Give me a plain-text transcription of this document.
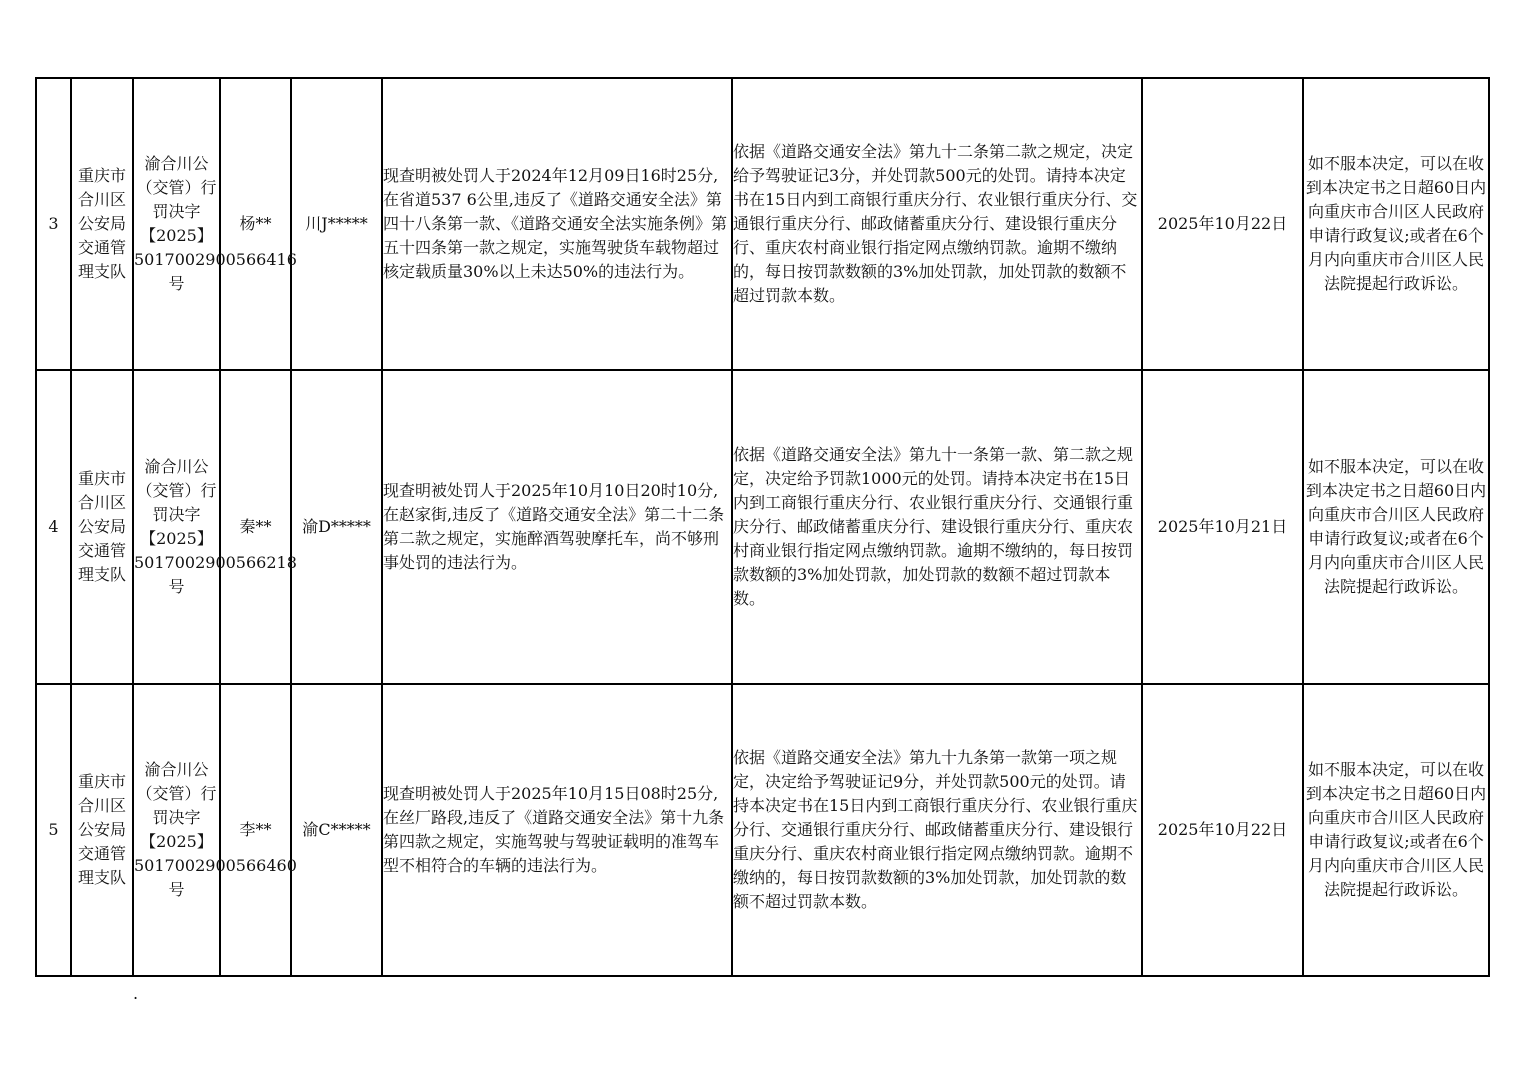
3	重庆市合川区公安局交通管理支队	渝合川公（交管）行罚决字【2025】5017002900566416号	杨**	川J*****	现查明被处罚人于2024年12月09日16时25分,在省道537 6公里,违反了《道路交通安全法》第四十八条第一款、《道路交通安全法实施条例》第五十四条第一款之规定，实施驾驶货车载物超过核定载质量30%以上未达50%的违法行为。	依据《道路交通安全法》第九十二条第二款之规定，决定给予驾驶证记3分，并处罚款500元的处罚。请持本决定书在15日内到工商银行重庆分行、农业银行重庆分行、交通银行重庆分行、邮政储蓄重庆分行、建设银行重庆分行、重庆农村商业银行指定网点缴纳罚款。逾期不缴纳的，每日按罚款数额的3%加处罚款，加处罚款的数额不超过罚款本数。	2025年10月22日	如不服本决定，可以在收到本决定书之日超60日内向重庆市合川区人民政府申请行政复议;或者在6个月内向重庆市合川区人民法院提起行政诉讼。
4	重庆市合川区公安局交通管理支队	渝合川公（交管）行罚决字【2025】5017002900566218号	秦**	渝D*****	现查明被处罚人于2025年10月10日20时10分,在赵家街,违反了《道路交通安全法》第二十二条第二款之规定，实施醉酒驾驶摩托车，尚不够刑事处罚的违法行为。	依据《道路交通安全法》第九十一条第一款、第二款之规定，决定给予罚款1000元的处罚。请持本决定书在15日内到工商银行重庆分行、农业银行重庆分行、交通银行重庆分行、邮政储蓄重庆分行、建设银行重庆分行、重庆农村商业银行指定网点缴纳罚款。逾期不缴纳的，每日按罚款数额的3%加处罚款，加处罚款的数额不超过罚款本数。	2025年10月21日	如不服本决定，可以在收到本决定书之日超60日内向重庆市合川区人民政府申请行政复议;或者在6个月内向重庆市合川区人民法院提起行政诉讼。
5	重庆市合川区公安局交通管理支队	渝合川公（交管）行罚决字【2025】5017002900566460号	李**	渝C*****	现查明被处罚人于2025年10月15日08时25分,在丝厂路段,违反了《道路交通安全法》第十九条第四款之规定，实施驾驶与驾驶证载明的准驾车型不相符合的车辆的违法行为。	依据《道路交通安全法》第九十九条第一款第一项之规定，决定给予驾驶证记9分，并处罚款500元的处罚。请持本决定书在15日内到工商银行重庆分行、农业银行重庆分行、交通银行重庆分行、邮政储蓄重庆分行、建设银行重庆分行、重庆农村商业银行指定网点缴纳罚款。逾期不缴纳的，每日按罚款数额的3%加处罚款，加处罚款的数额不超过罚款本数。	2025年10月22日	如不服本决定，可以在收到本决定书之日超60日内向重庆市合川区人民政府申请行政复议;或者在6个月内向重庆市合川区人民法院提起行政诉讼。
.
